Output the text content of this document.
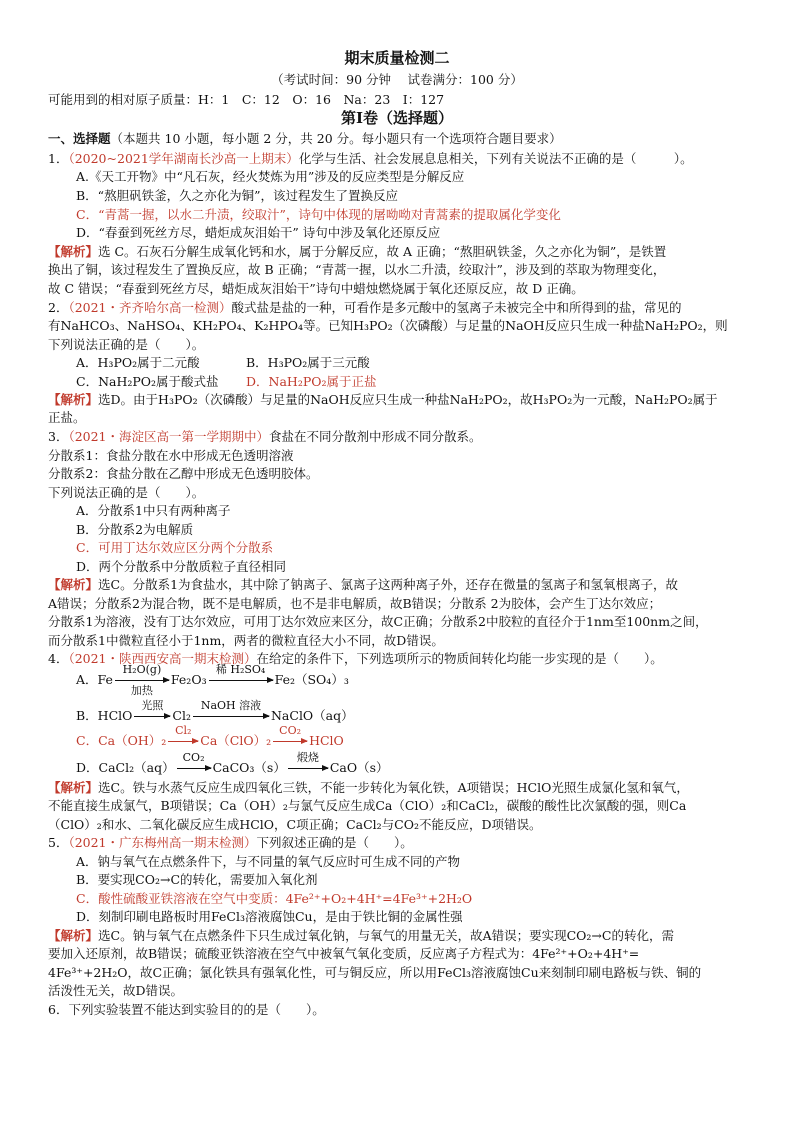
期末质量检测二
（考试时间：90 分钟　 试卷满分：100 分）
可能用到的相对原子质量：H：1　C：12　O：16　Na：23　I：127
第Ⅰ卷（选择题）
一、选择题（本题共 10 小题，每小题 2 分，共 20 分。每小题只有一个选项符合题目要求）
1．（2020~2021学年湖南长沙高一上期末）化学与生活、社会发展息息相关，下列有关说法不正确的是（　　　）。
A.《天工开物》中“凡石灰，经火焚炼为用”涉及的反应类型是分解反应
B．“熬胆矾铁釜，久之亦化为铜”，该过程发生了置换反应
C．“青蒿一握，以水二升渍，绞取汁”，诗句中体现的屠呦呦对青蒿素的提取属化学变化
D．“春蚕到死丝方尽，蜡炬成灰泪始干” 诗句中涉及氧化还原反应
【解析】选 C。石灰石分解生成氧化钙和水，属于分解反应，故 A 正确；“熬胆矾铁釜，久之亦化为铜”，是铁置
换出了铜，该过程发生了置换反应，故 B 正确；“青蒿一握，以水二升渍，绞取汁”，涉及到的萃取为物理变化，
故 C 错误；“春蚕到死丝方尽，蜡炬成灰泪始干”诗句中蜡烛燃烧属于氧化还原反应，故 D 正确。
2．（2021・齐齐哈尔高一检测）酸式盐是盐的一种，可看作是多元酸中的氢离子未被完全中和所得到的盐，常见的
有NaHCO₃、NaHSO₄、KH₂PO₄、K₂HPO₄等。已知H₃PO₂（次磷酸）与足量的NaOH反应只生成一种盐NaH₂PO₂，则
下列说法正确的是（　　）。
A．H₃PO₂属于二元酸	B．H₃PO₂属于三元酸
C．NaH₂PO₂属于酸式盐 D．NaH₂PO₂属于正盐
【解析】选D。由于H₃PO₂（次磷酸）与足量的NaOH反应只生成一种盐NaH₂PO₂，故H₃PO₂为一元酸，NaH₂PO₂属于
正盐。
3．（2021・海淀区高一第一学期期中）食盐在不同分散剂中形成不同分散系。
分散系1：食盐分散在水中形成无色透明溶液
分散系2：食盐分散在乙醇中形成无色透明胶体。
下列说法正确的是（　　）。
A．分散系1中只有两种离子
B．分散系2为电解质
C．可用丁达尔效应区分两个分散系
D．两个分散系中分散质粒子直径相同
【解析】选C。分散系1为食盐水，其中除了钠离子、氯离子这两种离子外，还存在微量的氢离子和氢氧根离子，故
A错误；分散系2为混合物，既不是电解质，也不是非电解质，故B错误；分散系 2为胶体，会产生丁达尔效应；
分散系1为溶液，没有丁达尔效应，可用丁达尔效应来区分，故C正确；分散系2中胶粒的直径介于1nm至100nm之间，
而分散系1中微粒直径小于1nm，两者的微粒直径大小不同，故D错误。
4．（2021・陕西西安高一期末检测）在给定的条件下，下列选项所示的物质间转化均能一步实现的是（　　）。
A．Fe
H₂O(g)
加热
Fe₂O₃
稀 H₂SO₄
Fe₂（SO₄）₃
B．HClO
光照
Cl₂
NaOH 溶液
NaClO（aq）
C．Ca（OH）₂
Cl₂
Ca（ClO）₂
CO₂
HClO
D．CaCl₂（aq）
CO₂
CaCO₃（s）
煅烧
CaO（s）
【解析】选C。铁与水蒸气反应生成四氧化三铁，不能一步转化为氧化铁，A项错误；HClO光照生成氯化氢和氧气，
不能直接生成氯气，B项错误；Ca（OH）₂与氯气反应生成Ca（ClO）₂和CaCl₂，碳酸的酸性比次氯酸的强，则Ca
（ClO）₂和水、二氧化碳反应生成HClO，C项正确；CaCl₂与CO₂不能反应，D项错误。
5．（2021・广东梅州高一期末检测）下列叙述正确的是（　　）。
A．钠与氧气在点燃条件下，与不同量的氧气反应时可生成不同的产物
B．要实现CO₂→C的转化，需要加入氧化剂
C．酸性硫酸亚铁溶液在空气中变质：4Fe²⁺+O₂+4H⁺=4Fe³⁺+2H₂O
D．刻制印刷电路板时用FeCl₃溶液腐蚀Cu，是由于铁比铜的金属性强
【解析】选C。钠与氧气在点燃条件下只生成过氧化钠，与氧气的用量无关，故A错误；要实现CO₂→C的转化，需
要加入还原剂，故B错误；硫酸亚铁溶液在空气中被氧气氧化变质，反应离子方程式为：4Fe²⁺+O₂+4H⁺=
4Fe³⁺+2H₂O，故C正确；氯化铁具有强氧化性，可与铜反应，所以用FeCl₃溶液腐蚀Cu来刻制印刷电路板与铁、铜的
活泼性无关，故D错误。
6．下列实验装置不能达到实验目的的是（　　）。
